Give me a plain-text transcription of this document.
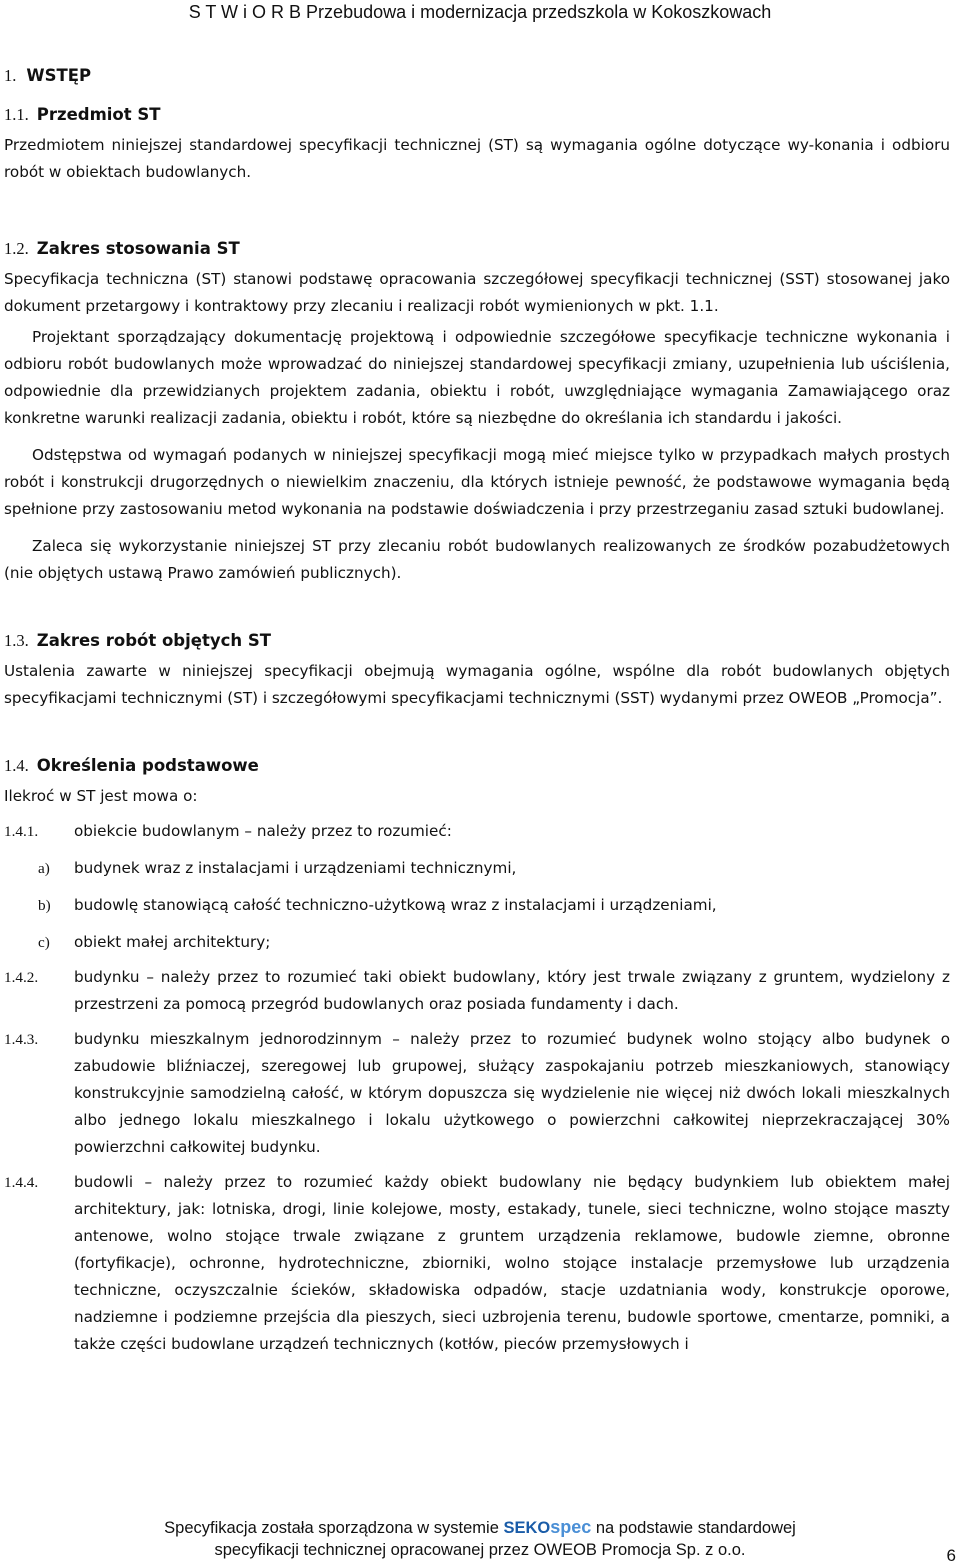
S T W i O R B Przebudowa i modernizacja przedszkola w Kokoszkowach
1. WSTĘP
1.1. Przedmiot ST

Przedmiotem niniejszej standardowej specyfikacji technicznej (ST) są wymagania ogólne dotyczące wy-konania i odbioru robót w obiektach budowlanych.

1.2. Zakres stosowania ST

Specyfikacja techniczna (ST) stanowi podstawę opracowania szczegółowej specyfikacji technicznej (SST) stosowanej jako dokument przetargowy i kontraktowy przy zlecaniu i realizacji robót wymienionych w pkt. 1.1.

Projektant sporządzający dokumentację projektową i odpowiednie szczegółowe specyfikacje techniczne wykonania i odbioru robót budowlanych może wprowadzać do niniejszej standardowej specyfikacji zmiany, uzupełnienia lub uściślenia, odpowiednie dla przewidzianych projektem zadania, obiektu i robót, uwzględniające wymagania Zamawiającego oraz konkretne warunki realizacji zadania, obiektu i robót, które są niezbędne do określania ich standardu i jakości.

Odstępstwa od wymagań podanych w niniejszej specyfikacji mogą mieć miejsce tylko w przypadkach małych prostych robót i konstrukcji drugorzędnych o niewielkim znaczeniu, dla których istnieje pewność, że podstawowe wymagania będą spełnione przy zastosowaniu metod wykonania na podstawie doświadczenia i przy przestrzeganiu zasad sztuki budowlanej.

Zaleca się wykorzystanie niniejszej ST przy zlecaniu robót budowlanych realizowanych ze środków pozabudżetowych (nie objętych ustawą Prawo zamówień publicznych).

1.3. Zakres robót objętych ST

Ustalenia zawarte w niniejszej specyfikacji obejmują wymagania ogólne, wspólne dla robót budowlanych objętych specyfikacjami technicznymi (ST) i szczegółowymi specyfikacjami technicznymi (SST) wydanymi przez OWEOB „Promocja”.

1.4. Określenia podstawowe

Ilekroć w ST jest mowa o:

1.4.1.	obiekcie budowlanym – należy przez to rozumieć:
a)	budynek wraz z instalacjami i urządzeniami technicznymi,
b)	budowlę stanowiącą całość techniczno-użytkową wraz z instalacjami i urządzeniami,
c)	obiekt małej architektury;
1.4.2.	budynku – należy przez to rozumieć taki obiekt budowlany, który jest trwale związany z gruntem, wydzielony z przestrzeni za pomocą przegród budowlanych oraz posiada fundamenty i dach.
1.4.3.	budynku mieszkalnym jednorodzinnym – należy przez to rozumieć budynek wolno stojący albo budynek o zabudowie bliźniaczej, szeregowej lub grupowej, służący zaspokajaniu potrzeb mieszkaniowych, stanowiący konstrukcyjnie samodzielną całość, w którym dopuszcza się wydzielenie nie więcej niż dwóch lokali mieszkalnych albo jednego lokalu mieszkalnego i lokalu użytkowego o powierzchni całkowitej nieprzekraczającej 30% powierzchni całkowitej budynku.
1.4.4.	budowli – należy przez to rozumieć każdy obiekt budowlany nie będący budynkiem lub obiektem małej architektury, jak: lotniska, drogi, linie kolejowe, mosty, estakady, tunele, sieci techniczne, wolno stojące maszty antenowe, wolno stojące trwale związane z gruntem urządzenia reklamowe, budowle ziemne, obronne (fortyfikacje), ochronne, hydrotechniczne, zbiorniki, wolno stojące instalacje przemysłowe lub urządzenia techniczne, oczyszczalnie ścieków, składowiska odpadów, stacje uzdatniania wody, konstrukcje oporowe, nadziemne i podziemne przejścia dla pieszych, sieci uzbrojenia terenu, budowle sportowe, cmentarze, pomniki, a także części budowlane urządzeń technicznych (kotłów, pieców przemysłowych i
Specyfikacja została sporządzona w systemie SEKOspec na podstawie standardowej
specyfikacji technicznej opracowanej przez OWEOB Promocja Sp. z o.o.	6
